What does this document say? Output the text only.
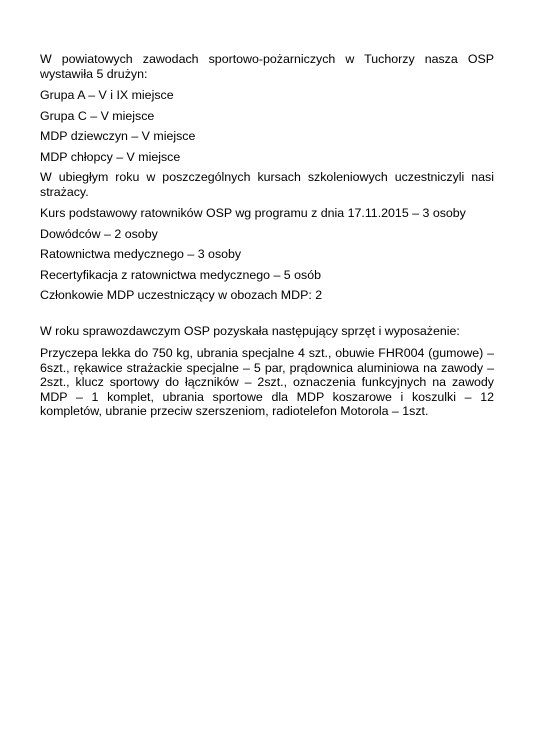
W powiatowych zawodach sportowo-pożarniczych w Tuchorzy nasza OSP wystawiła 5 drużyn:

Grupa A – V i IX miejsce

Grupa C – V miejsce

MDP dziewczyn – V miejsce

MDP chłopcy – V miejsce

W ubiegłym roku w poszczególnych kursach szkoleniowych uczestniczyli nasi strażacy.

Kurs podstawowy ratowników OSP wg programu z dnia 17.11.2015 – 3 osoby

Dowódców – 2 osoby

Ratownictwa medycznego – 3 osoby

Recertyfikacja z ratownictwa medycznego – 5 osób

Członkowie MDP uczestniczący w obozach MDP: 2

W roku sprawozdawczym OSP pozyskała następujący sprzęt i wyposażenie:

Przyczepa lekka do 750 kg, ubrania specjalne 4 szt., obuwie FHR004 (gumowe) – 6szt., rękawice strażackie specjalne – 5 par, prądownica aluminiowa na zawody – 2szt., klucz sportowy do łączników – 2szt., oznaczenia funkcyjnych na zawody MDP – 1 komplet, ubrania sportowe dla MDP koszarowe i koszulki – 12 kompletów, ubranie przeciw szerszeniom, radiotelefon Motorola – 1szt.
